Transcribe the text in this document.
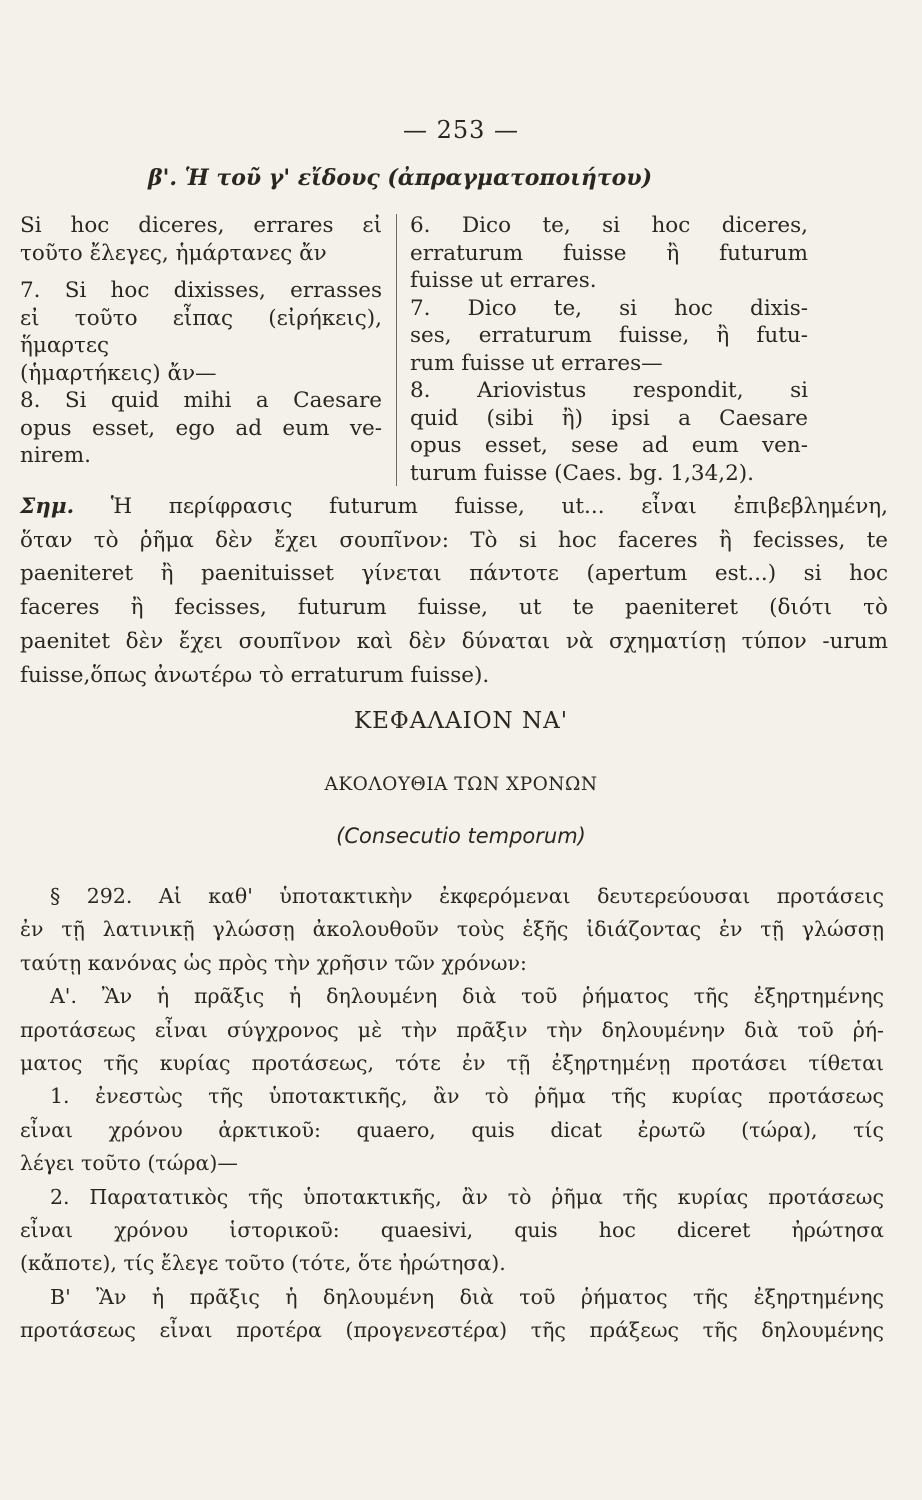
— 253 —
β'. Ἡ τοῦ γ' εἴδους (ἀπραγματοποιήτου)
Si hoc diceres, errares εἰ
τοῦτο ἔλεγες, ἡμάρτανες ἄν
7. Si hoc dixisses, errasses
εἰ τοῦτο εἶπας (εἰρήκεις), ἥμαρτες
(ἡμαρτήκεις) ἄν—
8. Si quid mihi a Caesare
opus esset, ego ad eum ve-
nirem.
6. Dico te, si hoc diceres,
erraturum fuisse ἢ futurum
fuisse ut errares.
7. Dico te, si hoc dixis-
ses, erraturum fuisse, ἢ futu-
rum fuisse ut errares—
8. Ariovistus respondit, si
quid (sibi ἢ) ipsi a Caesare
opus esset, sese ad eum ven-
turum fuisse (Caes. bg. 1,34,2).
Σημ. Ἡ περίφρασις futurum fuisse, ut... εἶναι ἐπιβεβλημένη,
ὅταν τὸ ῥῆμα δὲν ἔχει σουπῖνον: Τὸ si hoc faceres ἢ fecisses, te
paeniteret ἢ paenituisset γίνεται πάντοτε (apertum est...) si hoc
faceres ἢ fecisses, futurum fuisse, ut te paeniteret (διότι τὸ
paenitet δὲν ἔχει σουπῖνον καὶ δὲν δύναται νὰ σχηματίσῃ τύπον -urum
fuisse,ὅπως ἀνωτέρω τὸ erraturum fuisse).
ΚΕΦΑΛΑΙΟΝ ΝΑ'
ΑΚΟΛΟΥΘΙΑ ΤΩΝ ΧΡΟΝΩΝ
(Consecutio temporum)
§ 292. Αἱ καθ' ὑποτακτικὴν ἐκφερόμεναι δευτερεύουσαι προτάσεις
ἐν τῇ λατινικῇ γλώσσῃ ἀκολουθοῦν τοὺς ἑξῆς ἰδιάζοντας ἐν τῇ γλώσσῃ
ταύτῃ κανόνας ὡς πρὸς τὴν χρῆσιν τῶν χρόνων:
Α'. Ἂν ἡ πρᾶξις ἡ δηλουμένη διὰ τοῦ ῥήματος τῆς ἐξηρτημένης
προτάσεως εἶναι σύγχρονος μὲ τὴν πρᾶξιν τὴν δηλουμένην διὰ τοῦ ῥή-
ματος τῆς κυρίας προτάσεως, τότε ἐν τῇ ἐξηρτημένῃ προτάσει τίθεται
1. ἐνεστὼς τῆς ὑποτακτικῆς, ἂν τὸ ῥῆμα τῆς κυρίας προτάσεως
εἶναι χρόνου ἀρκτικοῦ: quaero, quis dicat ἐρωτῶ (τώρα), τίς
λέγει τοῦτο (τώρα)—
2. Παρατατικὸς τῆς ὑποτακτικῆς, ἂν τὸ ῥῆμα τῆς κυρίας προτάσεως
εἶναι χρόνου ἱστορικοῦ: quaesivi, quis hoc diceret ἠρώτησα
(κἄποτε), τίς ἔλεγε τοῦτο (τότε, ὅτε ἠρώτησα).
Β' Ἂν ἡ πρᾶξις ἡ δηλουμένη διὰ τοῦ ῥήματος τῆς ἐξηρτημένης
προτάσεως εἶναι προτέρα (προγενεστέρα) τῆς πράξεως τῆς δηλουμένης
